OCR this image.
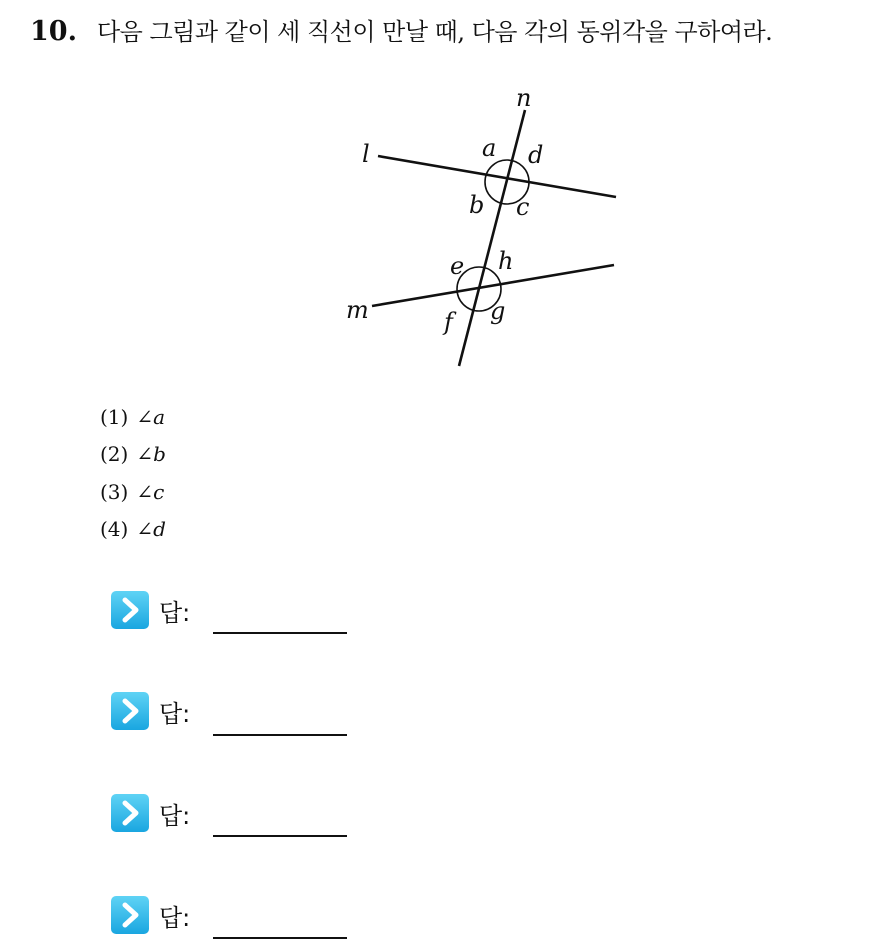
10. 다음 그림과 같이 세 직선이 만날 때, 다음 각의 동위각을 구하여라.
n
l
m
a d
b c
e h
f g
(1) ∠ a
(2) ∠ b
(3) ∠ c
(4) ∠ d
답:
답:
답:
답:
